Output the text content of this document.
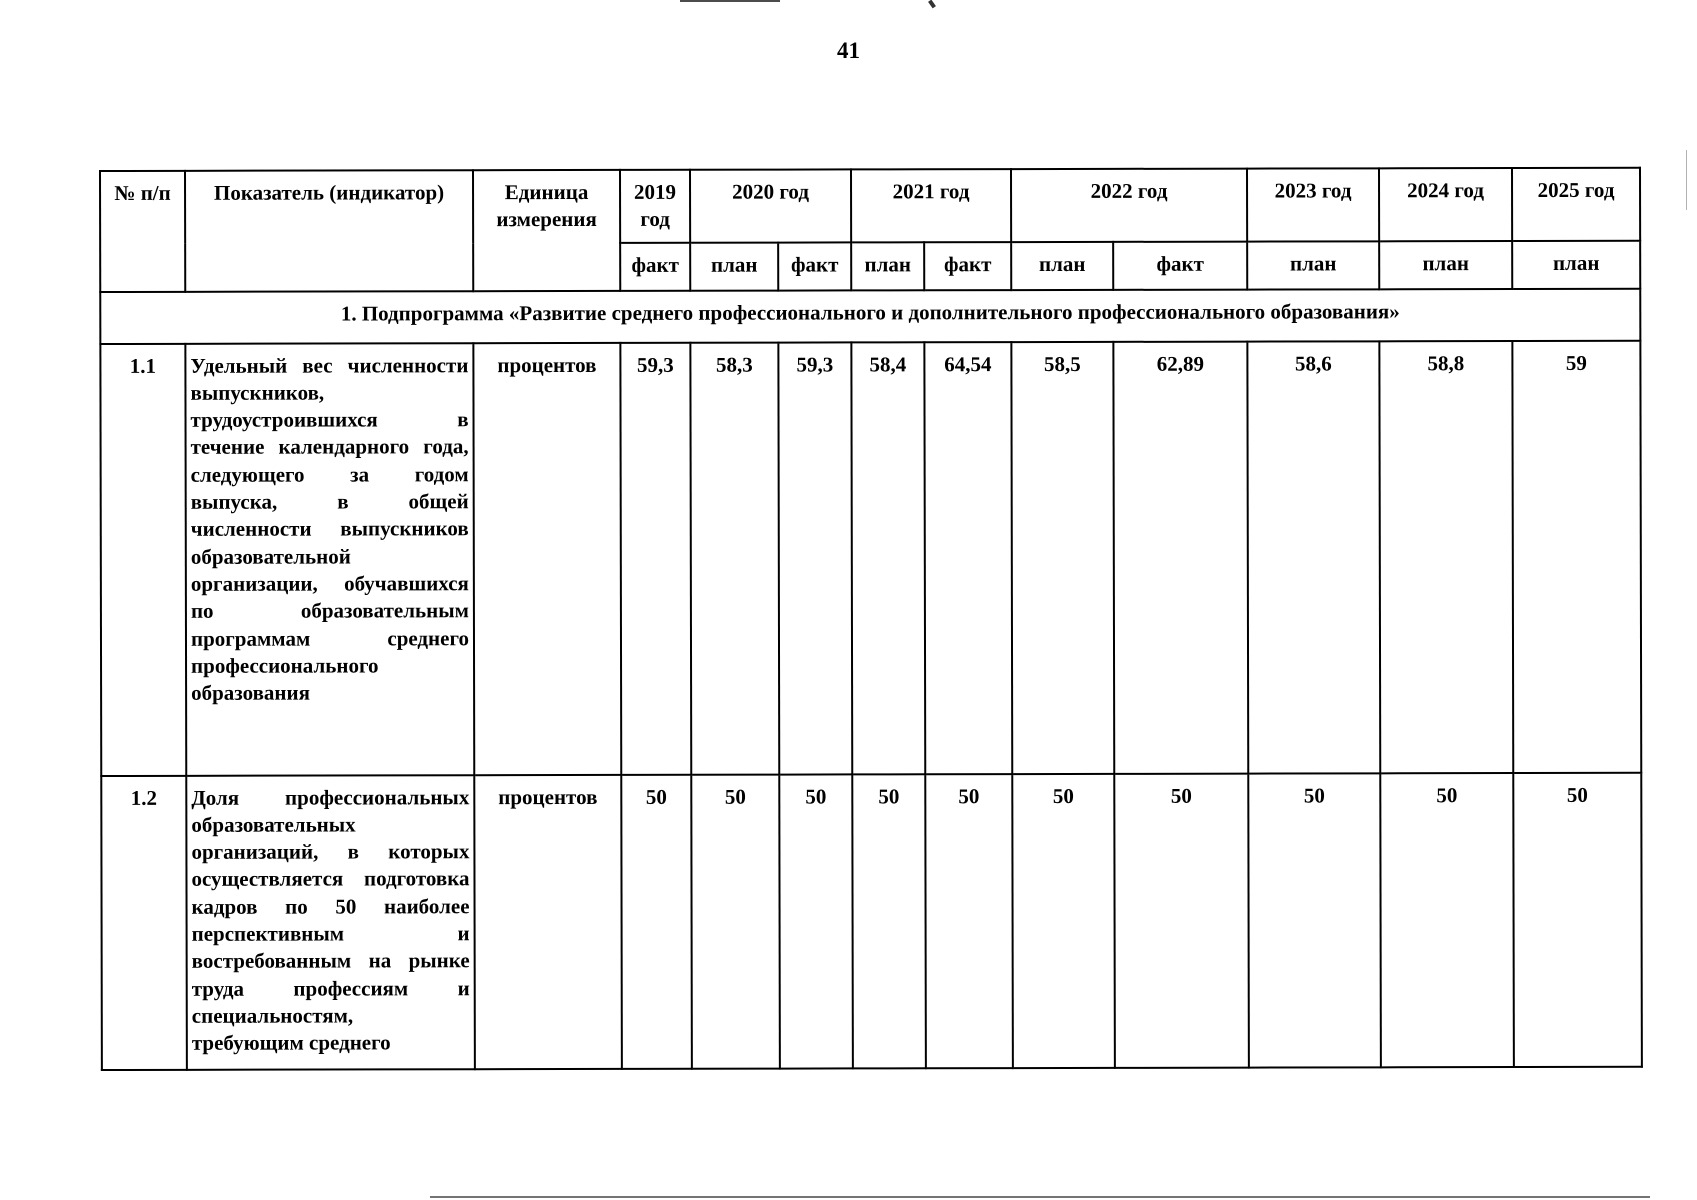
41
№ п/п	Показатель (индикатор)	Единица измерения	2019 год	2020 год		2021 год		2022 год		2023 год	2024 год	2025 год
			факт	план	факт	план	факт	план	факт	план	план	план
1. Подпрограмма «Развитие среднего профессионального и дополнительного профессионального образования»												
1.1	Удельный вес численности выпускников, трудоустроившихся в течение календарного года, следующего за годом выпуска, в общей численности выпускников образовательной организации, обучавшихся по образовательным программам среднего профессионального образования	процентов	59,3	58,3	59,3	58,4	64,54	58,5	62,89	58,6	58,8	59
1.2	Доля профессиональных образовательных организаций, в которых осуществляется подготовка кадров по 50 наиболее перспективным и востребованным на рынке труда профессиям и специальностям, требующим среднего	процентов	50	50	50	50	50	50	50	50	50	50
